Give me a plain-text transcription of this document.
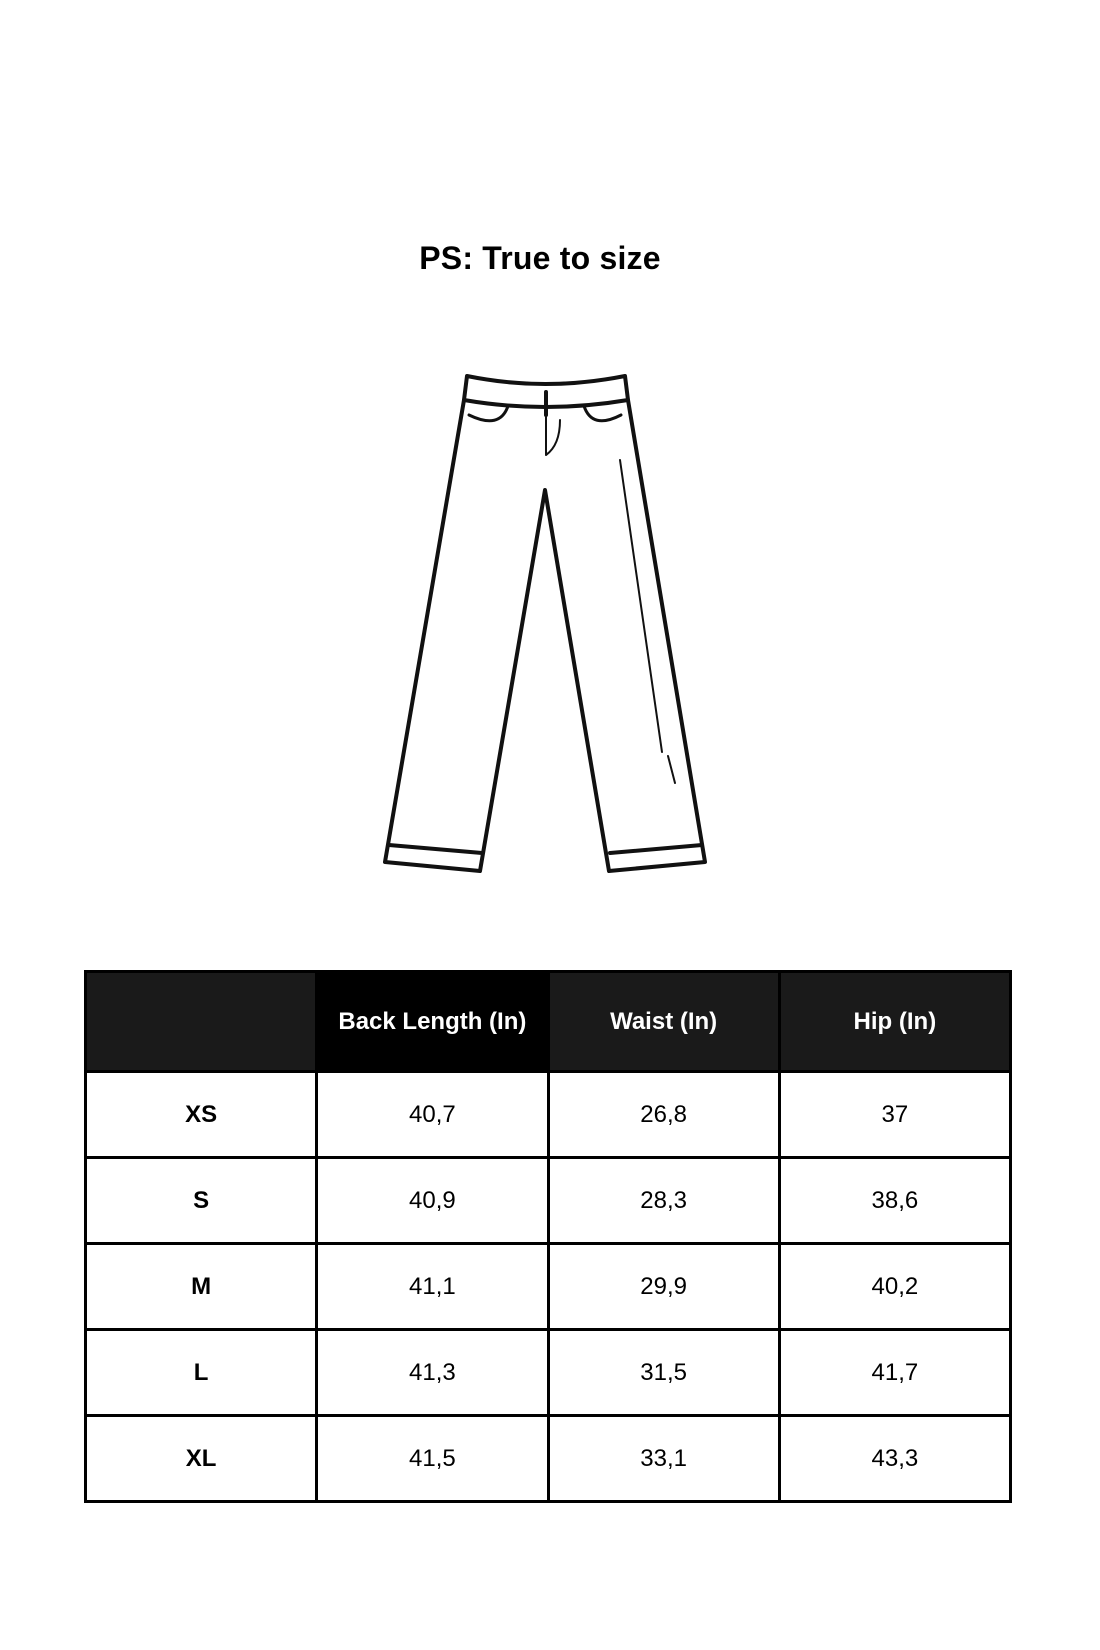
PS: True to size
	Back Length (In)	Waist (In)	Hip (In)
XS	40,7	26,8	37
S	40,9	28,3	38,6
M	41,1	29,9	40,2
L	41,3	31,5	41,7
XL	41,5	33,1	43,3
